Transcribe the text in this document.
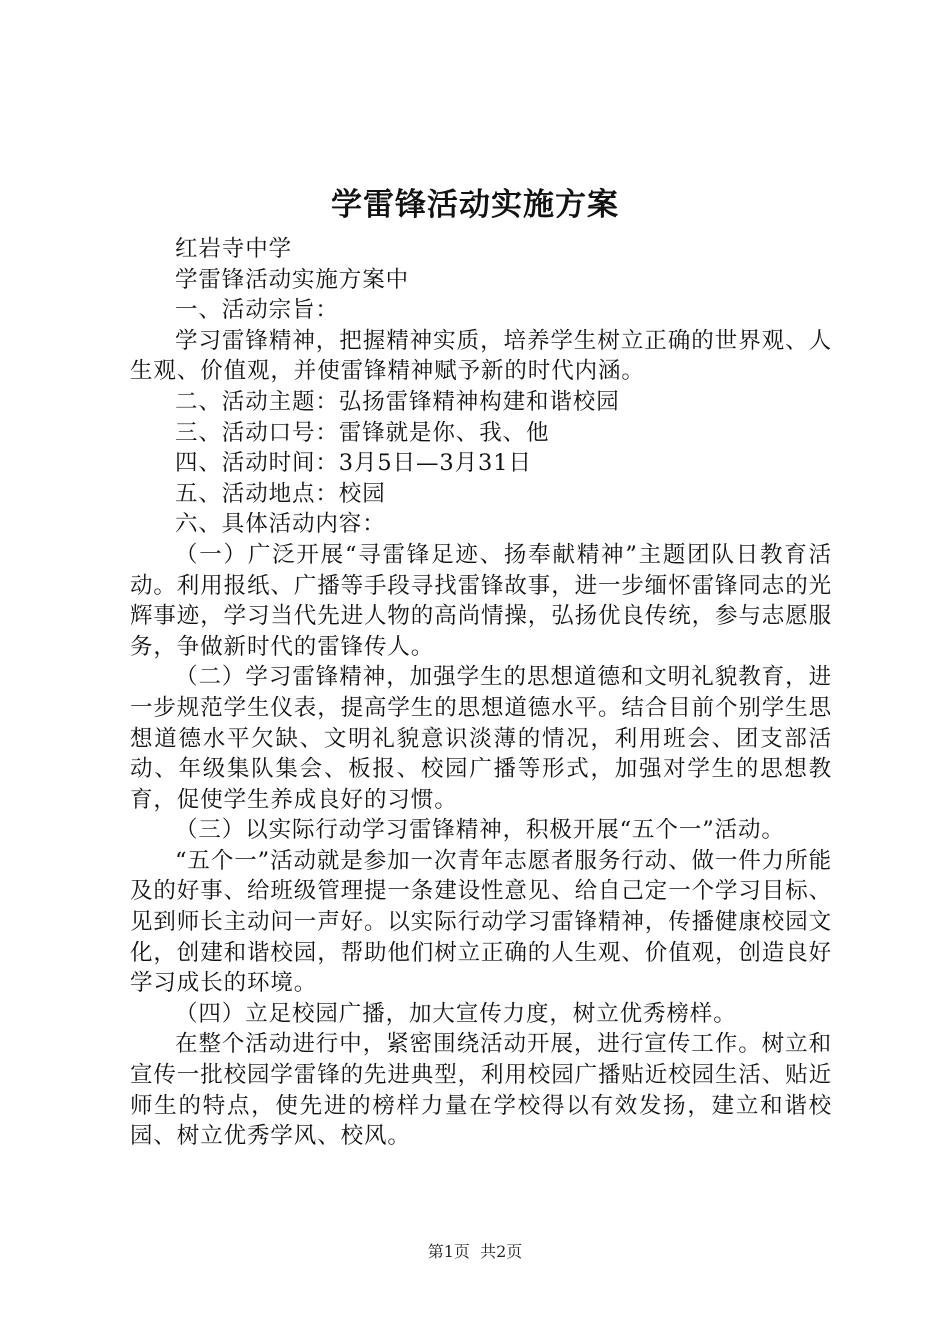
学雷锋活动实施方案

红岩寺中学

学雷锋活动实施方案中

一、活动宗旨：

学习雷锋精神，把握精神实质，培养学生树立正确的世界观、人生观、价值观，并使雷锋精神赋予新的时代内涵。

二、活动主题：弘扬雷锋精神构建和谐校园

三、活动口号：雷锋就是你、我、他

四、活动时间：3月5日—3月31日

五、活动地点：校园

六、具体活动内容：

（一）广泛开展“寻雷锋足迹、扬奉献精神”主题团队日教育活动。利用报纸、广播等手段寻找雷锋故事，进一步缅怀雷锋同志的光辉事迹，学习当代先进人物的高尚情操，弘扬优良传统，参与志愿服务，争做新时代的雷锋传人。

（二）学习雷锋精神，加强学生的思想道德和文明礼貌教育，进一步规范学生仪表，提高学生的思想道德水平。结合目前个别学生思想道德水平欠缺、文明礼貌意识淡薄的情况，利用班会、团支部活动、年级集队集会、板报、校园广播等形式，加强对学生的思想教育，促使学生养成良好的习惯。

（三）以实际行动学习雷锋精神，积极开展“五个一”活动。

“五个一”活动就是参加一次青年志愿者服务行动、做一件力所能及的好事、给班级管理提一条建设性意见、给自己定一个学习目标、见到师长主动问一声好。以实际行动学习雷锋精神，传播健康校园文化，创建和谐校园，帮助他们树立正确的人生观、价值观，创造良好学习成长的环境。

（四）立足校园广播，加大宣传力度，树立优秀榜样。

在整个活动进行中，紧密围绕活动开展，进行宣传工作。树立和宣传一批校园学雷锋的先进典型，利用校园广播贴近校园生活、贴近师生的特点，使先进的榜样力量在学校得以有效发扬，建立和谐校园、树立优秀学风、校风。

第1页  共2页
